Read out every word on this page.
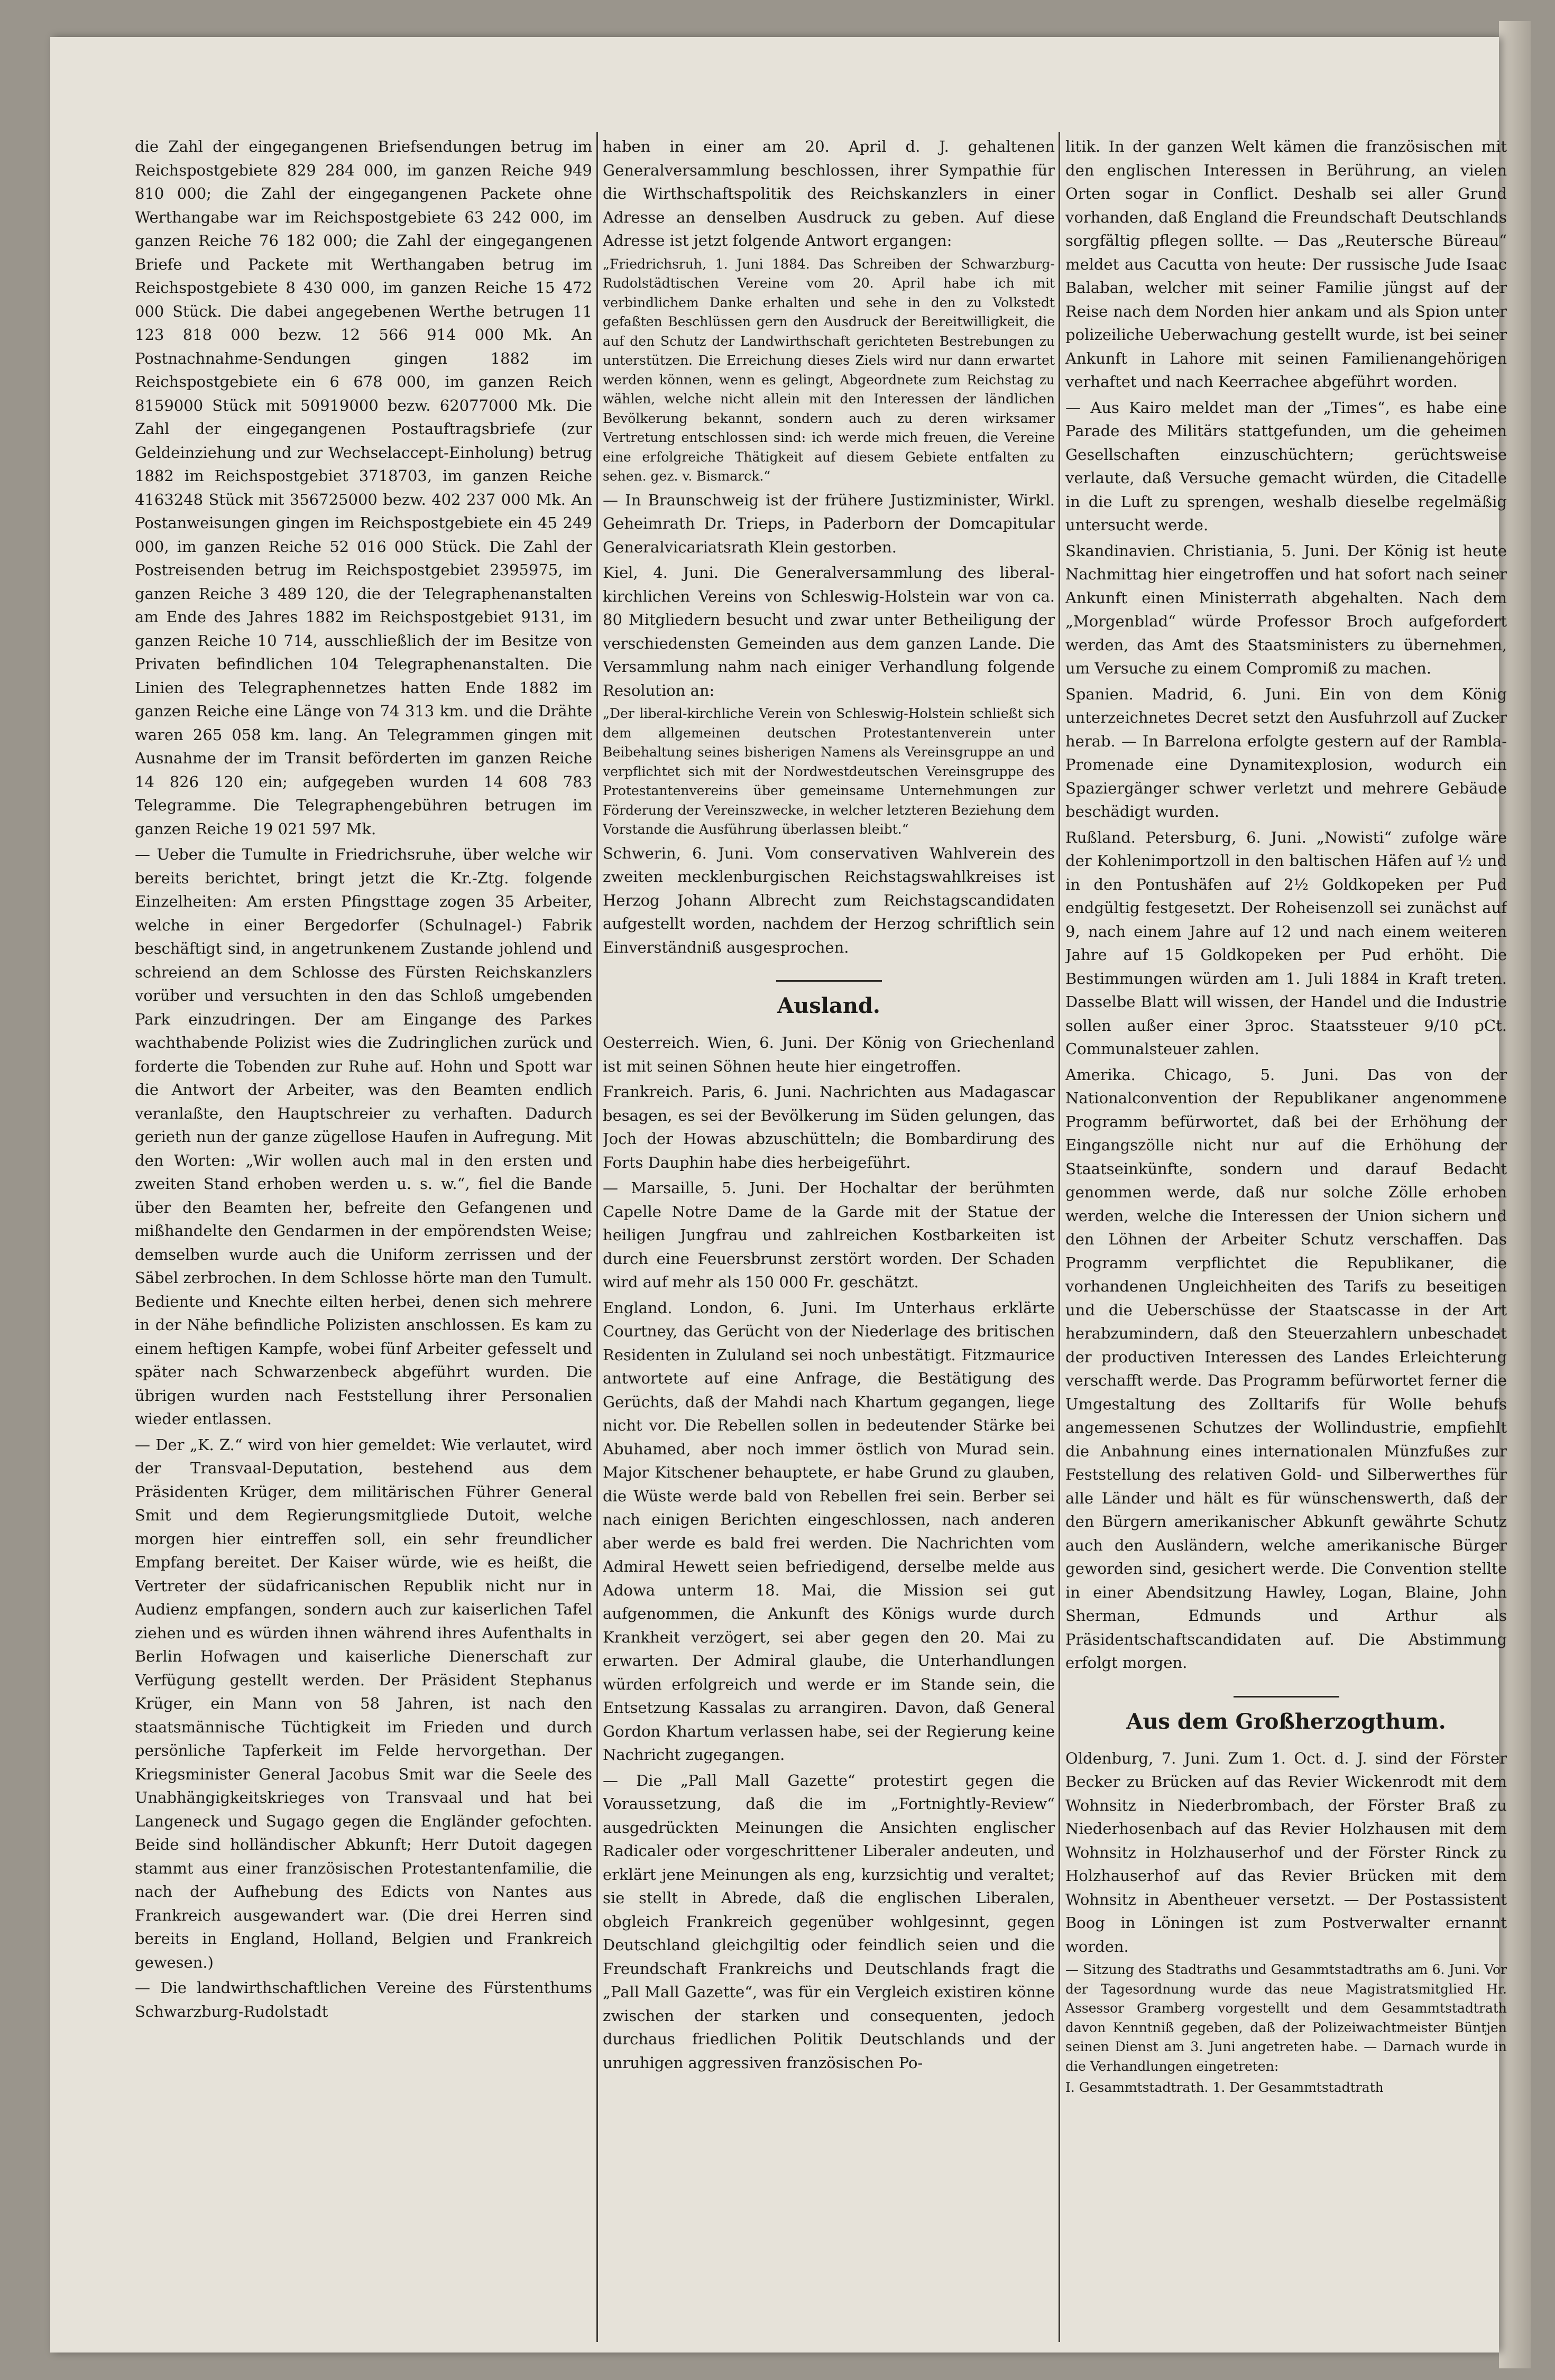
die Zahl der eingegangenen Briefsendungen betrug im Reichspostgebiete 829 284 000, im ganzen Reiche 949 810 000; die Zahl der eingegangenen Packete ohne Werthangabe war im Reichspostgebiete 63 242 000, im ganzen Reiche 76 182 000; die Zahl der eingegangenen Briefe und Packete mit Werthangaben betrug im Reichspostgebiete 8 430 000, im ganzen Reiche 15 472 000 Stück. Die dabei angegebenen Werthe betrugen 11 123 818 000 bezw. 12 566 914 000 Mk. An Postnachnahme-Sendungen gingen 1882 im Reichspostgebiete ein 6 678 000, im ganzen Reich 8159000 Stück mit 50919000 bezw. 62077000 Mk. Die Zahl der eingegangenen Postauftragsbriefe (zur Geldeinziehung und zur Wechselaccept-Einholung) betrug 1882 im Reichspostgebiet 3718703, im ganzen Reiche 4163248 Stück mit 356725000 bezw. 402 237 000 Mk. An Postanweisungen gingen im Reichspostgebiete ein 45 249 000, im ganzen Reiche 52 016 000 Stück. Die Zahl der Postreisenden betrug im Reichspostgebiet 2395975, im ganzen Reiche 3 489 120, die der Telegraphenanstalten am Ende des Jahres 1882 im Reichspostgebiet 9131, im ganzen Reiche 10 714, ausschließlich der im Besitze von Privaten befindlichen 104 Telegraphenanstalten. Die Linien des Telegraphennetzes hatten Ende 1882 im ganzen Reiche eine Länge von 74 313 km. und die Drähte waren 265 058 km. lang. An Telegrammen gingen mit Ausnahme der im Transit beförderten im ganzen Reiche 14 826 120 ein; aufgegeben wurden 14 608 783 Telegramme. Die Telegraphengebühren betrugen im ganzen Reiche 19 021 597 Mk.

— Ueber die Tumulte in Friedrichsruhe, über welche wir bereits berichtet, bringt jetzt die Kr.-Ztg. folgende Einzelheiten: Am ersten Pfingsttage zogen 35 Arbeiter, welche in einer Bergedorfer (Schulnagel-) Fabrik beschäftigt sind, in angetrunkenem Zustande johlend und schreiend an dem Schlosse des Fürsten Reichskanzlers vorüber und versuchten in den das Schloß umgebenden Park einzudringen. Der am Eingange des Parkes wachthabende Polizist wies die Zudringlichen zurück und forderte die Tobenden zur Ruhe auf. Hohn und Spott war die Antwort der Arbeiter, was den Beamten endlich veranlaßte, den Hauptschreier zu verhaften. Dadurch gerieth nun der ganze zügellose Haufen in Aufregung. Mit den Worten: „Wir wollen auch mal in den ersten und zweiten Stand erhoben werden u. s. w.“, fiel die Bande über den Beamten her, befreite den Gefangenen und mißhandelte den Gendarmen in der empörendsten Weise; demselben wurde auch die Uniform zerrissen und der Säbel zerbrochen. In dem Schlosse hörte man den Tumult. Bediente und Knechte eilten herbei, denen sich mehrere in der Nähe befindliche Polizisten anschlossen. Es kam zu einem heftigen Kampfe, wobei fünf Arbeiter gefesselt und später nach Schwarzenbeck abgeführt wurden. Die übrigen wurden nach Feststellung ihrer Personalien wieder entlassen.

— Der „K. Z.“ wird von hier gemeldet: Wie verlautet, wird der Transvaal-Deputation, bestehend aus dem Präsidenten Krüger, dem militärischen Führer General Smit und dem Regierungsmitgliede Dutoit, welche morgen hier eintreffen soll, ein sehr freundlicher Empfang bereitet. Der Kaiser würde, wie es heißt, die Vertreter der südafricanischen Republik nicht nur in Audienz empfangen, sondern auch zur kaiserlichen Tafel ziehen und es würden ihnen während ihres Aufenthalts in Berlin Hofwagen und kaiserliche Dienerschaft zur Verfügung gestellt werden. Der Präsident Stephanus Krüger, ein Mann von 58 Jahren, ist nach den staatsmännische Tüchtigkeit im Frieden und durch persönliche Tapferkeit im Felde hervorgethan. Der Kriegsminister General Jacobus Smit war die Seele des Unabhängigkeitskrieges von Transvaal und hat bei Langeneck und Sugago gegen die Engländer gefochten. Beide sind holländischer Abkunft; Herr Dutoit dagegen stammt aus einer französischen Protestantenfamilie, die nach der Aufhebung des Edicts von Nantes aus Frankreich ausgewandert war. (Die drei Herren sind bereits in England, Holland, Belgien und Frankreich gewesen.)

— Die landwirthschaftlichen Vereine des Fürstenthums Schwarzburg-Rudolstadt

haben in einer am 20. April d. J. gehaltenen Generalversammlung beschlossen, ihrer Sympathie für die Wirthschaftspolitik des Reichskanzlers in einer Adresse an denselben Ausdruck zu geben. Auf diese Adresse ist jetzt folgende Antwort ergangen:

„Friedrichsruh, 1. Juni 1884. Das Schreiben der Schwarzburg-Rudolstädtischen Vereine vom 20. April habe ich mit verbindlichem Danke erhalten und sehe in den zu Volkstedt gefaßten Beschlüssen gern den Ausdruck der Bereitwilligkeit, die auf den Schutz der Landwirthschaft gerichteten Bestrebungen zu unterstützen. Die Erreichung dieses Ziels wird nur dann erwartet werden können, wenn es gelingt, Abgeordnete zum Reichstag zu wählen, welche nicht allein mit den Interessen der ländlichen Bevölkerung bekannt, sondern auch zu deren wirksamer Vertretung entschlossen sind: ich werde mich freuen, die Vereine eine erfolgreiche Thätigkeit auf diesem Gebiete entfalten zu sehen. gez. v. Bismarck.“

— In Braunschweig ist der frühere Justizminister, Wirkl. Geheimrath Dr. Trieps, in Paderborn der Domcapitular Generalvicariatsrath Klein gestorben.

Kiel, 4. Juni. Die Generalversammlung des liberal-kirchlichen Vereins von Schleswig-Holstein war von ca. 80 Mitgliedern besucht und zwar unter Betheiligung der verschiedensten Gemeinden aus dem ganzen Lande. Die Versammlung nahm nach einiger Verhandlung folgende Resolution an:

„Der liberal-kirchliche Verein von Schleswig-Holstein schließt sich dem allgemeinen deutschen Protestantenverein unter Beibehaltung seines bisherigen Namens als Vereinsgruppe an und verpflichtet sich mit der Nordwestdeutschen Vereinsgruppe des Protestantenvereins über gemeinsame Unternehmungen zur Förderung der Vereinszwecke, in welcher letzteren Beziehung dem Vorstande die Ausführung überlassen bleibt.“

Schwerin, 6. Juni. Vom conservativen Wahlverein des zweiten mecklenburgischen Reichstagswahlkreises ist Herzog Johann Albrecht zum Reichstagscandidaten aufgestellt worden, nachdem der Herzog schriftlich sein Einverständniß ausgesprochen.

Ausland.

Oesterreich. Wien, 6. Juni. Der König von Griechenland ist mit seinen Söhnen heute hier eingetroffen.

Frankreich. Paris, 6. Juni. Nachrichten aus Madagascar besagen, es sei der Bevölkerung im Süden gelungen, das Joch der Howas abzuschütteln; die Bombardirung des Forts Dauphin habe dies herbeigeführt.

— Marsaille, 5. Juni. Der Hochaltar der berühmten Capelle Notre Dame de la Garde mit der Statue der heiligen Jungfrau und zahlreichen Kostbarkeiten ist durch eine Feuersbrunst zerstört worden. Der Schaden wird auf mehr als 150 000 Fr. geschätzt.

England. London, 6. Juni. Im Unterhaus erklärte Courtney, das Gerücht von der Niederlage des britischen Residenten in Zululand sei noch unbestätigt. Fitzmaurice antwortete auf eine Anfrage, die Bestätigung des Gerüchts, daß der Mahdi nach Khartum gegangen, liege nicht vor. Die Rebellen sollen in bedeutender Stärke bei Abuhamed, aber noch immer östlich von Murad sein. Major Kitschener behauptete, er habe Grund zu glauben, die Wüste werde bald von Rebellen frei sein. Berber sei nach einigen Berichten eingeschlossen, nach anderen aber werde es bald frei werden. Die Nachrichten vom Admiral Hewett seien befriedigend, derselbe melde aus Adowa unterm 18. Mai, die Mission sei gut aufgenommen, die Ankunft des Königs wurde durch Krankheit verzögert, sei aber gegen den 20. Mai zu erwarten. Der Admiral glaube, die Unterhandlungen würden erfolgreich und werde er im Stande sein, die Entsetzung Kassalas zu arrangiren. Davon, daß General Gordon Khartum verlassen habe, sei der Regierung keine Nachricht zugegangen.

— Die „Pall Mall Gazette“ protestirt gegen die Voraussetzung, daß die im „Fortnightly-Review“ ausgedrückten Meinungen die Ansichten englischer Radicaler oder vorgeschrittener Liberaler andeuten, und erklärt jene Meinungen als eng, kurzsichtig und veraltet; sie stellt in Abrede, daß die englischen Liberalen, obgleich Frankreich gegenüber wohlgesinnt, gegen Deutschland gleichgiltig oder feindlich seien und die Freundschaft Frankreichs und Deutschlands fragt die „Pall Mall Gazette“, was für ein Vergleich existiren könne zwischen der starken und consequenten, jedoch durchaus friedlichen Politik Deutschlands und der unruhigen aggressiven französischen Po-

litik. In der ganzen Welt kämen die französischen mit den englischen Interessen in Berührung, an vielen Orten sogar in Conflict. Deshalb sei aller Grund vorhanden, daß England die Freundschaft Deutschlands sorgfältig pflegen sollte. — Das „Reutersche Büreau“ meldet aus Cacutta von heute: Der russische Jude Isaac Balaban, welcher mit seiner Familie jüngst auf der Reise nach dem Norden hier ankam und als Spion unter polizeiliche Ueberwachung gestellt wurde, ist bei seiner Ankunft in Lahore mit seinen Familienangehörigen verhaftet und nach Keerrachee abgeführt worden.

— Aus Kairo meldet man der „Times“, es habe eine Parade des Militärs stattgefunden, um die geheimen Gesellschaften einzuschüchtern; gerüchtsweise verlaute, daß Versuche gemacht würden, die Citadelle in die Luft zu sprengen, weshalb dieselbe regelmäßig untersucht werde.

Skandinavien. Christiania, 5. Juni. Der König ist heute Nachmittag hier eingetroffen und hat sofort nach seiner Ankunft einen Ministerrath abgehalten. Nach dem „Morgenblad“ würde Professor Broch aufgefordert werden, das Amt des Staatsministers zu übernehmen, um Versuche zu einem Compromiß zu machen.

Spanien. Madrid, 6. Juni. Ein von dem König unterzeichnetes Decret setzt den Ausfuhrzoll auf Zucker herab. — In Barrelona erfolgte gestern auf der Rambla-Promenade eine Dynamitexplosion, wodurch ein Spaziergänger schwer verletzt und mehrere Gebäude beschädigt wurden.

Rußland. Petersburg, 6. Juni. „Nowisti“ zufolge wäre der Kohlenimportzoll in den baltischen Häfen auf ½ und in den Pontushäfen auf 2½ Goldkopeken per Pud endgültig festgesetzt. Der Roheisenzoll sei zunächst auf 9, nach einem Jahre auf 12 und nach einem weiteren Jahre auf 15 Goldkopeken per Pud erhöht. Die Bestimmungen würden am 1. Juli 1884 in Kraft treten. Dasselbe Blatt will wissen, der Handel und die Industrie sollen außer einer 3proc. Staatssteuer 9/10 pCt. Communalsteuer zahlen.

Amerika. Chicago, 5. Juni. Das von der Nationalconvention der Republikaner angenommene Programm befürwortet, daß bei der Erhöhung der Eingangszölle nicht nur auf die Erhöhung der Staatseinkünfte, sondern und darauf Bedacht genommen werde, daß nur solche Zölle erhoben werden, welche die Interessen der Union sichern und den Löhnen der Arbeiter Schutz verschaffen. Das Programm verpflichtet die Republikaner, die vorhandenen Ungleichheiten des Tarifs zu beseitigen und die Ueberschüsse der Staatscasse in der Art herabzumindern, daß den Steuerzahlern unbeschadet der productiven Interessen des Landes Erleichterung verschafft werde. Das Programm befürwortet ferner die Umgestaltung des Zolltarifs für Wolle behufs angemessenen Schutzes der Wollindustrie, empfiehlt die Anbahnung eines internationalen Münzfußes zur Feststellung des relativen Gold- und Silberwerthes für alle Länder und hält es für wünschenswerth, daß der den Bürgern amerikanischer Abkunft gewährte Schutz auch den Ausländern, welche amerikanische Bürger geworden sind, gesichert werde. Die Convention stellte in einer Abendsitzung Hawley, Logan, Blaine, John Sherman, Edmunds und Arthur als Präsidentschaftscandidaten auf. Die Abstimmung erfolgt morgen.

Aus dem Großherzogthum.

Oldenburg, 7. Juni. Zum 1. Oct. d. J. sind der Förster Becker zu Brücken auf das Revier Wickenrodt mit dem Wohnsitz in Niederbrombach, der Förster Braß zu Niederhosenbach auf das Revier Holzhausen mit dem Wohnsitz in Holzhauserhof und der Förster Rinck zu Holzhauserhof auf das Revier Brücken mit dem Wohnsitz in Abentheuer versetzt. — Der Postassistent Boog in Löningen ist zum Postverwalter ernannt worden.

— Sitzung des Stadtraths und Gesammtstadtraths am 6. Juni. Vor der Tagesordnung wurde das neue Magistratsmitglied Hr. Assessor Gramberg vorgestellt und dem Gesammtstadtrath davon Kenntniß gegeben, daß der Polizeiwachtmeister Büntjen seinen Dienst am 3. Juni angetreten habe. — Darnach wurde in die Verhandlungen eingetreten:

I. Gesammtstadtrath. 1. Der Gesammtstadtrath
